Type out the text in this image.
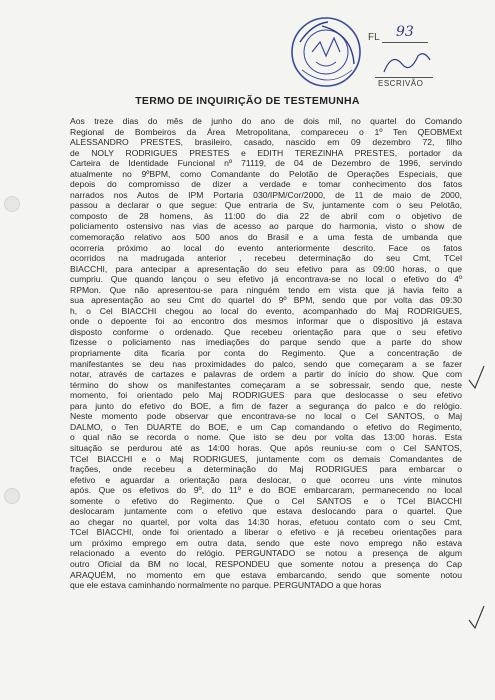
FL 93
ESCRIVÃO
TERMO DE INQUIRIÇÃO DE TESTEMUNHA
Aos treze dias do mês de junho do ano de dois mil, no quartel do Comando
Regional de Bombeiros da Área Metropolitana, compareceu o 1º Ten QEOBMExt
ALESSANDRO PRESTES, brasileiro, casado, nascido em 09 dezembro 72, filho
de NOLY RODRIGUES PRESTES e EDITH TEREZINHA PRESTES, portador da
Carteira de Identidade Funcional nº 71119, de 04 de Dezembro de 1996, servindo
atualmente no 9ºBPM, como Comandante do Pelotão de Operações Especiais, que
depois do compromisso de dizer a verdade e tomar conhecimento dos fatos
narrados nos Autos de IPM Portaria 030/IPM/Cor/2000, de 11 de maio de 2000,
passou a declarar o que segue: Que entraria de Sv, juntamente com o seu Pelotão,
composto de 28 homens, às 11:00 do dia 22 de abril com o objetivo de
policiamento ostensivo nas vias de acesso ao parque do harmonia, visto o show de
comemoração relativo aos 500 anos do Brasil e a uma festa de umbanda que
ocorreria próximo ao local do evento anteriormente descrito. Face os fatos
ocorridos na madrugada anterior , recebeu determinação do seu Cmt, TCel
BIACCHI, para antecipar a apresentação do seu efetivo para as 09:00 horas, o que
cumpriu. Que quando lançou o seu efetivo já encontrava-se no local o efetivo do 4º
RPMon. Que não apresentou-se para ninguém tendo em vista que já havia feito a
sua apresentação ao seu Cmt do quartel do 9º BPM, sendo que por volta das 09:30
h, o Cel BIACCHI chegou ao local do evento, acompanhado do Maj RODRIGUES,
onde o depoente foi ao encontro dos mesmos informar que o dispositivo já estava
disposto conforme o ordenado. Que recebeu orientação para que o seu efetivo
fizesse o policiamento nas imediações do parque sendo que a parte do show
propriamente dita ficaria por conta do Regimento. Que a concentração de
manifestantes se deu nas proximidades do palco, sendo que começaram a se fazer
notar, através de cartazes e palavras de ordem a partir do início do show. Que com
término do show os manifestantes começaram a se sobressair, sendo que, neste
momento, foi orientado pelo Maj RODRIGUES para que deslocasse o seu efetivo
para junto do efetivo do BOE, a fim de fazer a segurança do palco e do relógio.
Neste momento pode observar que encontrava-se no local o Cel SANTOS, o Maj
DALMO, o Ten DUARTE do BOE, e um Cap comandando o efetivo do Regimento,
o qual não se recorda o nome. Que isto se deu por volta das 13:00 horas. Esta
situação se perdurou até as 14:00 horas. Que após reuniu-se com o Cel SANTOS,
TCel BIACCHI e o Maj RODRIGUES, juntamente com os demais Comandantes de
frações, onde recebeu a determinação do Maj RODRIGUES para embarcar o
efetivo e aguardar a orientação para deslocar, o que ocorreu uns vinte minutos
após. Que os efetivos do 9º, do 11º e do BOE embarcaram, permanecendo no local
somente o efetivo do Regimento. Que o Cel SANTOS e o TCel BIACCHI
deslocaram juntamente com o efetivo que estava deslocando para o quartel. Que
ao chegar no quartel, por volta das 14:30 horas, efetuou contato com o seu Cmt,
TCel BIACCHI, onde foi orientado a liberar o efetivo e já recebeu orientações para
um próximo emprego em outra data, sendo que este novo emprego não estava
relacionado a evento do relógio. PERGUNTADO se notou a presença de algum
outro Oficial da BM no local, RESPONDEU que somente notou a presença do Cap
ARAQUÉM, no momento em que estava embarcando, sendo que somente notou
que ele estava caminhando normalmente no parque. PERGUNTADO a que horas
